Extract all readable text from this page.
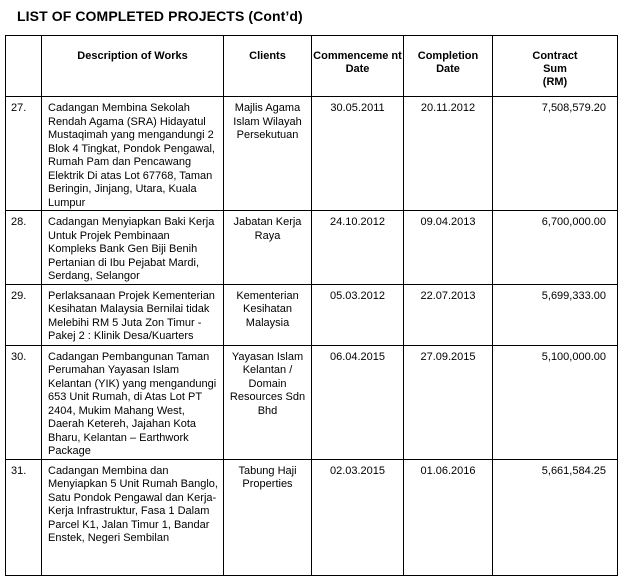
LIST OF COMPLETED PROJECTS (Cont’d)
	Description of Works	Clients	Commenceme nt Date	Completion Date	Contract Sum
(RM)

27.	Cadangan Membina Sekolah Rendah Agama (SRA) Hidayatul Mustaqimah yang mengandungi 2 Blok 4 Tingkat, Pondok Pengawal, Rumah Pam dan Pencawang Elektrik Di atas Lot 67768, Taman Beringin, Jinjang, Utara, Kuala Lumpur	Majlis Agama Islam Wilayah Persekutuan	30.05.2011	20.11.2012	7,508,579.20
28.	Cadangan Menyiapkan Baki Kerja Untuk Projek Pembinaan Kompleks Bank Gen Biji Benih Pertanian di Ibu Pejabat Mardi, Serdang, Selangor	Jabatan Kerja Raya	24.10.2012	09.04.2013	6,700,000.00
29.	Perlaksanaan Projek Kementerian Kesihatan Malaysia Bernilai tidak Melebihi RM 5 Juta Zon Timur - Pakej 2 : Klinik Desa/Kuarters	Kementerian Kesihatan Malaysia	05.03.2012	22.07.2013	5,699,333.00
30.	Cadangan Pembangunan Taman Perumahan Yayasan Islam Kelantan (YIK) yang mengandungi 653 Unit Rumah, di Atas Lot PT 2404, Mukim Mahang West, Daerah Ketereh, Jajahan Kota Bharu, Kelantan – Earthwork Package	Yayasan Islam Kelantan / Domain Resources Sdn Bhd	06.04.2015	27.09.2015	5,100,000.00
31.	Cadangan Membina dan Menyiapkan 5 Unit Rumah Banglo, Satu Pondok Pengawal dan Kerja-Kerja Infrastruktur, Fasa 1 Dalam Parcel K1, Jalan Timur 1, Bandar Enstek, Negeri Sembilan	Tabung Haji Properties	02.03.2015	01.06.2016	5,661,584.25
